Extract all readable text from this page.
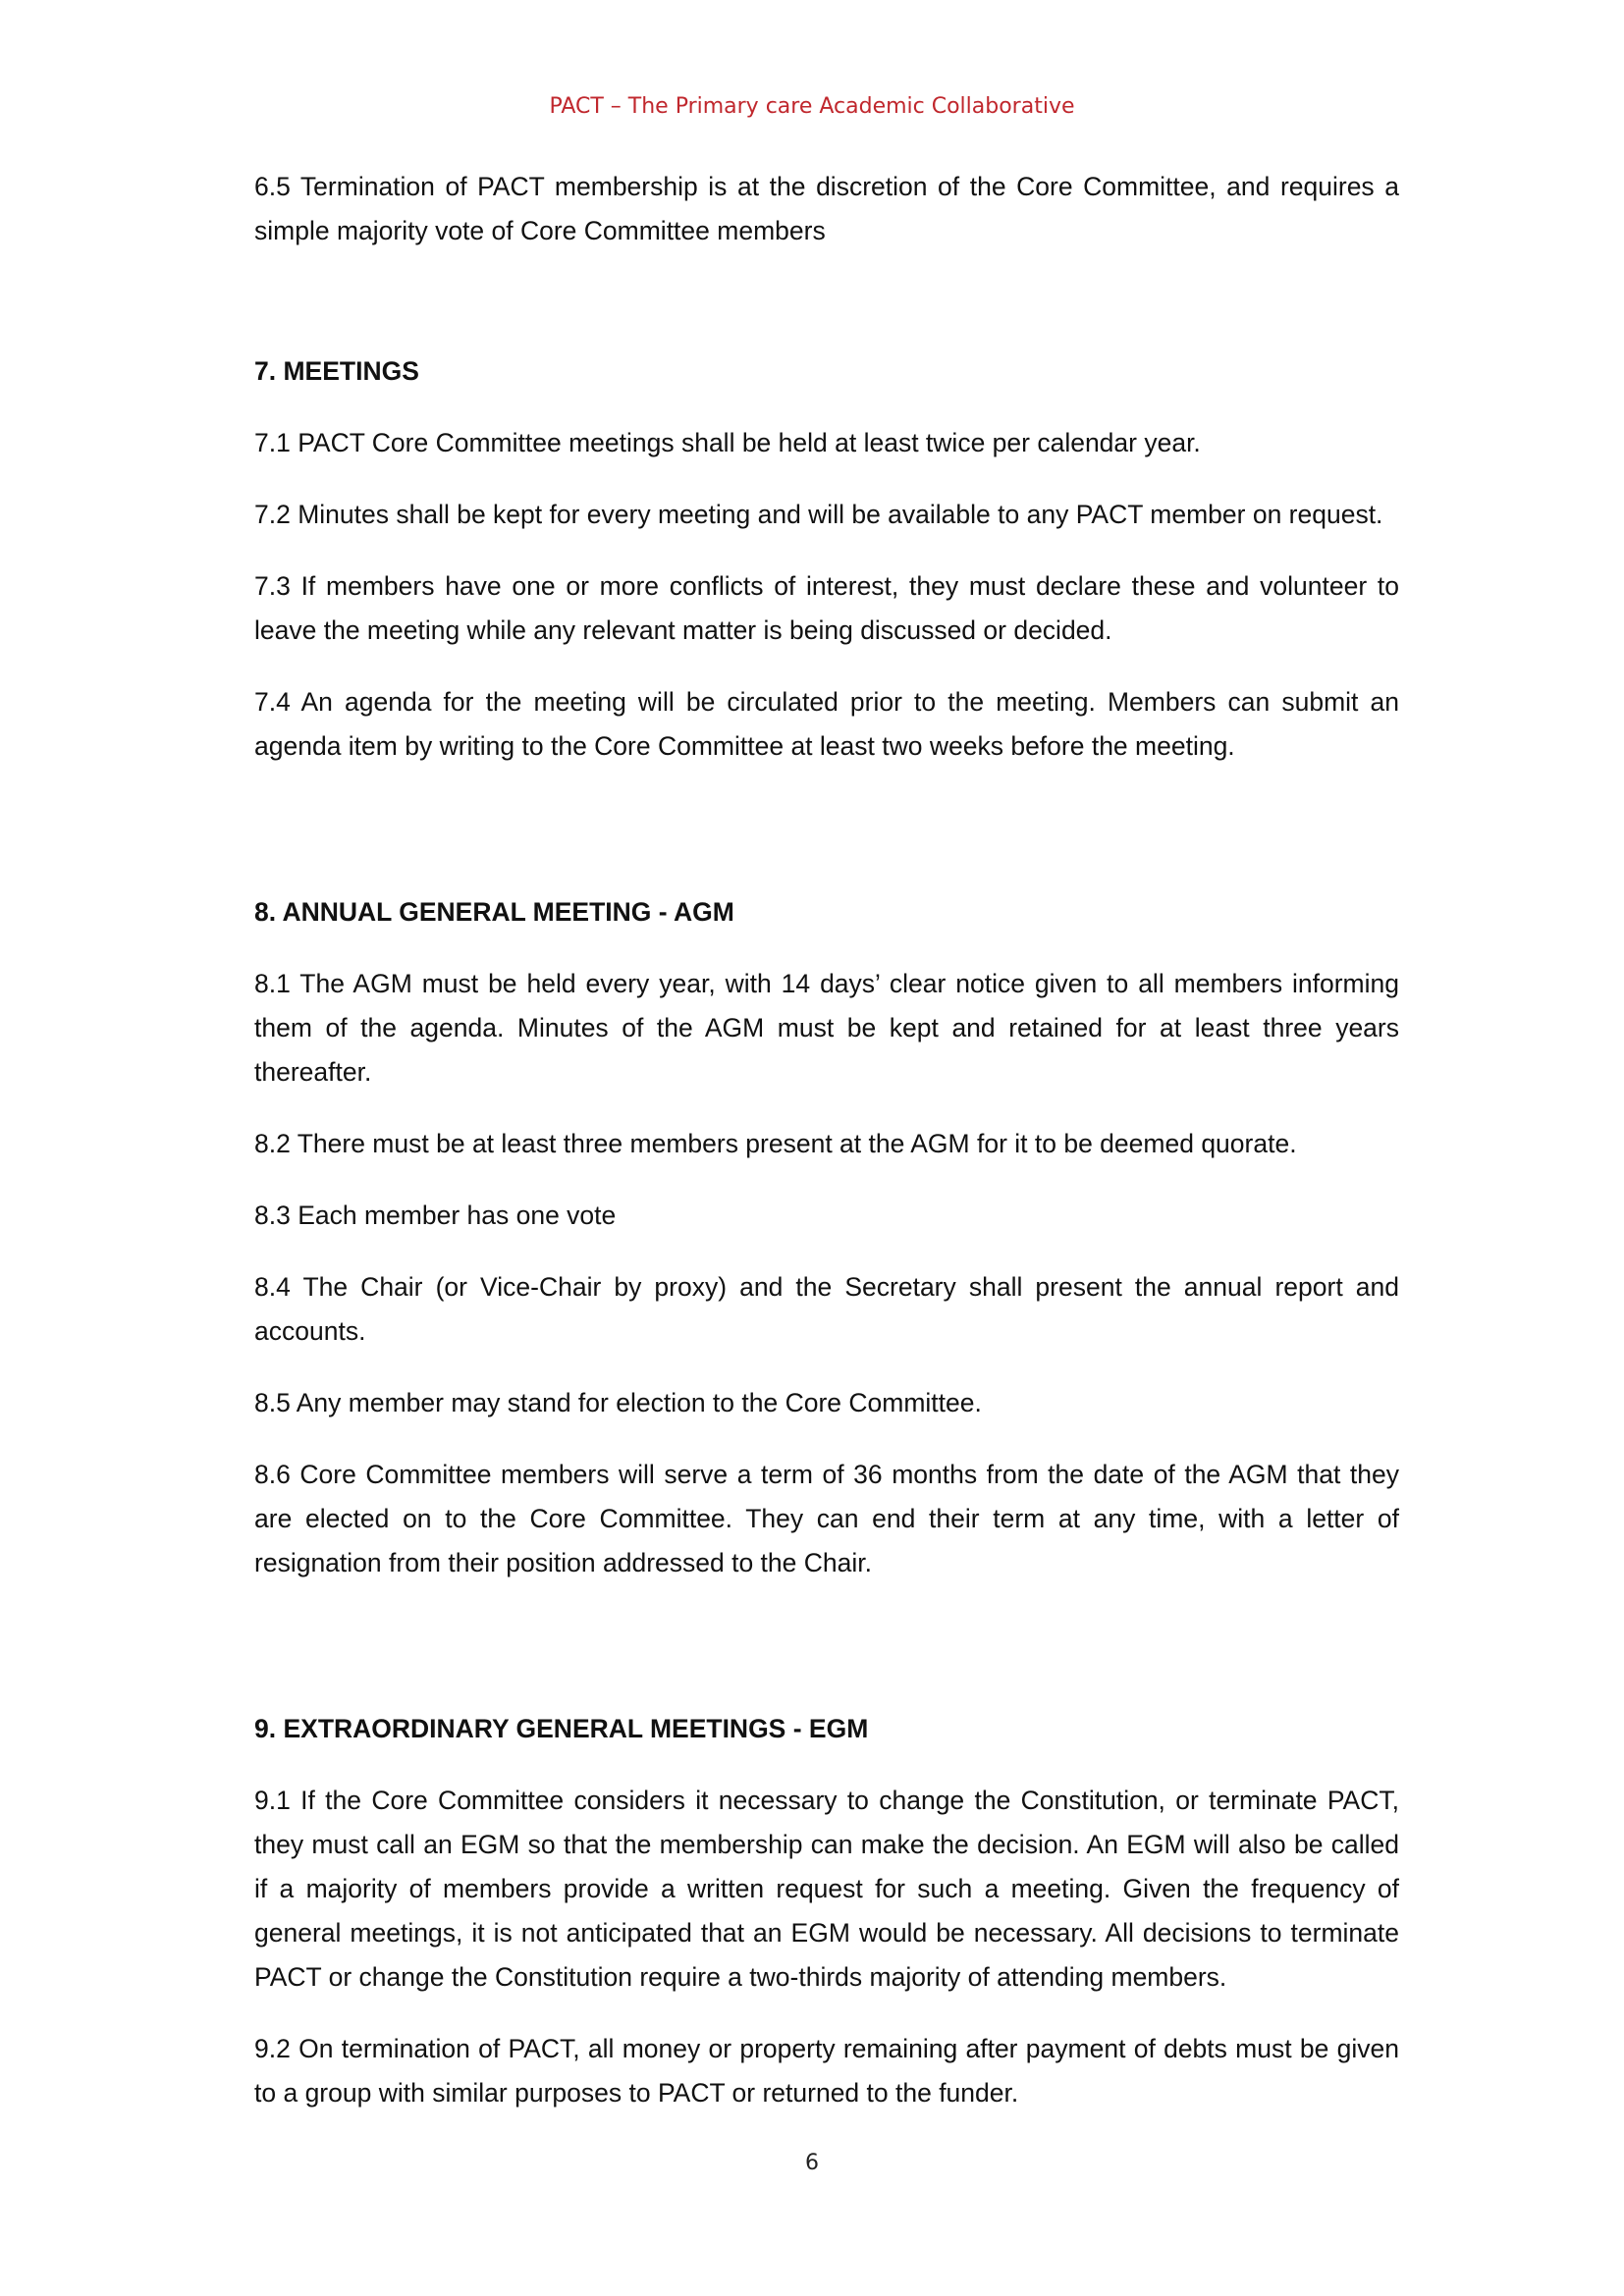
PACT – The Primary care Academic Collaborative

6.5 Termination of PACT membership is at the discretion of the Core Committee, and requires a simple majority vote of Core Committee members

7. MEETINGS

7.1 PACT Core Committee meetings shall be held at least twice per calendar year.

7.2 Minutes shall be kept for every meeting and will be available to any PACT member on request.

7.3 If members have one or more conflicts of interest, they must declare these and volunteer to leave the meeting while any relevant matter is being discussed or decided.

7.4 An agenda for the meeting will be circulated prior to the meeting. Members can submit an agenda item by writing to the Core Committee at least two weeks before the meeting.

8. ANNUAL GENERAL MEETING - AGM

8.1 The AGM must be held every year, with 14 days’ clear notice given to all members informing them of the agenda. Minutes of the AGM must be kept and retained for at least three years thereafter.

8.2 There must be at least three members present at the AGM for it to be deemed quorate.

8.3 Each member has one vote

8.4 The Chair (or Vice-Chair by proxy) and the Secretary shall present the annual report and accounts.

8.5 Any member may stand for election to the Core Committee.

8.6 Core Committee members will serve a term of 36 months from the date of the AGM that they are elected on to the Core Committee. They can end their term at any time, with a letter of resignation from their position addressed to the Chair.

9. EXTRAORDINARY GENERAL MEETINGS - EGM

9.1 If the Core Committee considers it necessary to change the Constitution, or terminate PACT, they must call an EGM so that the membership can make the decision. An EGM will also be called if a majority of members provide a written request for such a meeting. Given the frequency of general meetings, it is not anticipated that an EGM would be necessary. All decisions to terminate PACT or change the Constitution require a two-thirds majority of attending members.

9.2 On termination of PACT, all money or property remaining after payment of debts must be given to a group with similar purposes to PACT or returned to the funder.

6
